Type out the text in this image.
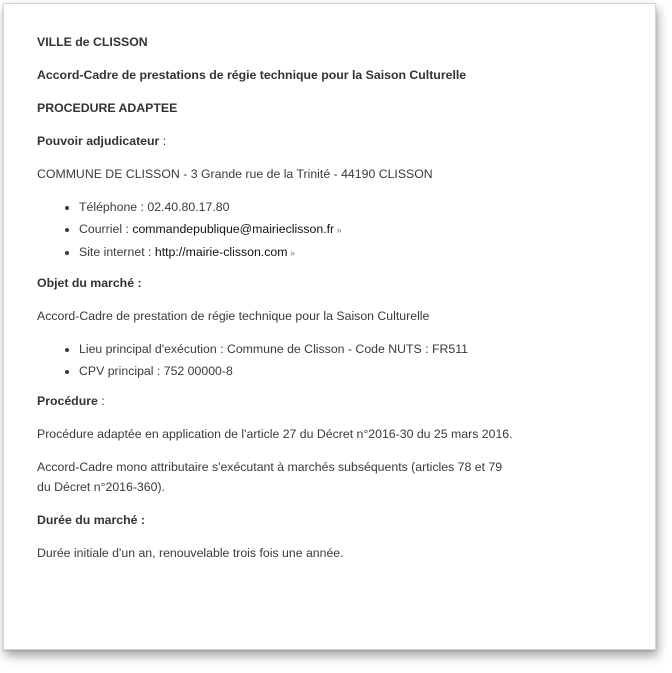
VILLE de CLISSON

Accord-Cadre de prestations de régie technique pour la Saison Culturelle

PROCEDURE ADAPTEE

Pouvoir adjudicateur :

COMMUNE DE CLISSON - 3 Grande rue de la Trinité - 44190 CLISSON

• Téléphone : 02.40.80.17.80
• Courriel : commandepublique@mairieclisson.fr »
• Site internet : http://mairie-clisson.com »

Objet du marché :

Accord-Cadre de prestation de régie technique pour la Saison Culturelle

• Lieu principal d'exécution : Commune de Clisson - Code NUTS : FR511
• CPV principal : 752 00000-8

Procédure :

Procédure adaptée en application de l'article 27 du Décret n°2016-30 du 25 mars 2016.

Accord-Cadre mono attributaire s'exécutant à marchés subséquents (articles 78 et 79 du Décret n°2016-360).

Durée du marché :

Durée initiale d'un an, renouvelable trois fois une année.
